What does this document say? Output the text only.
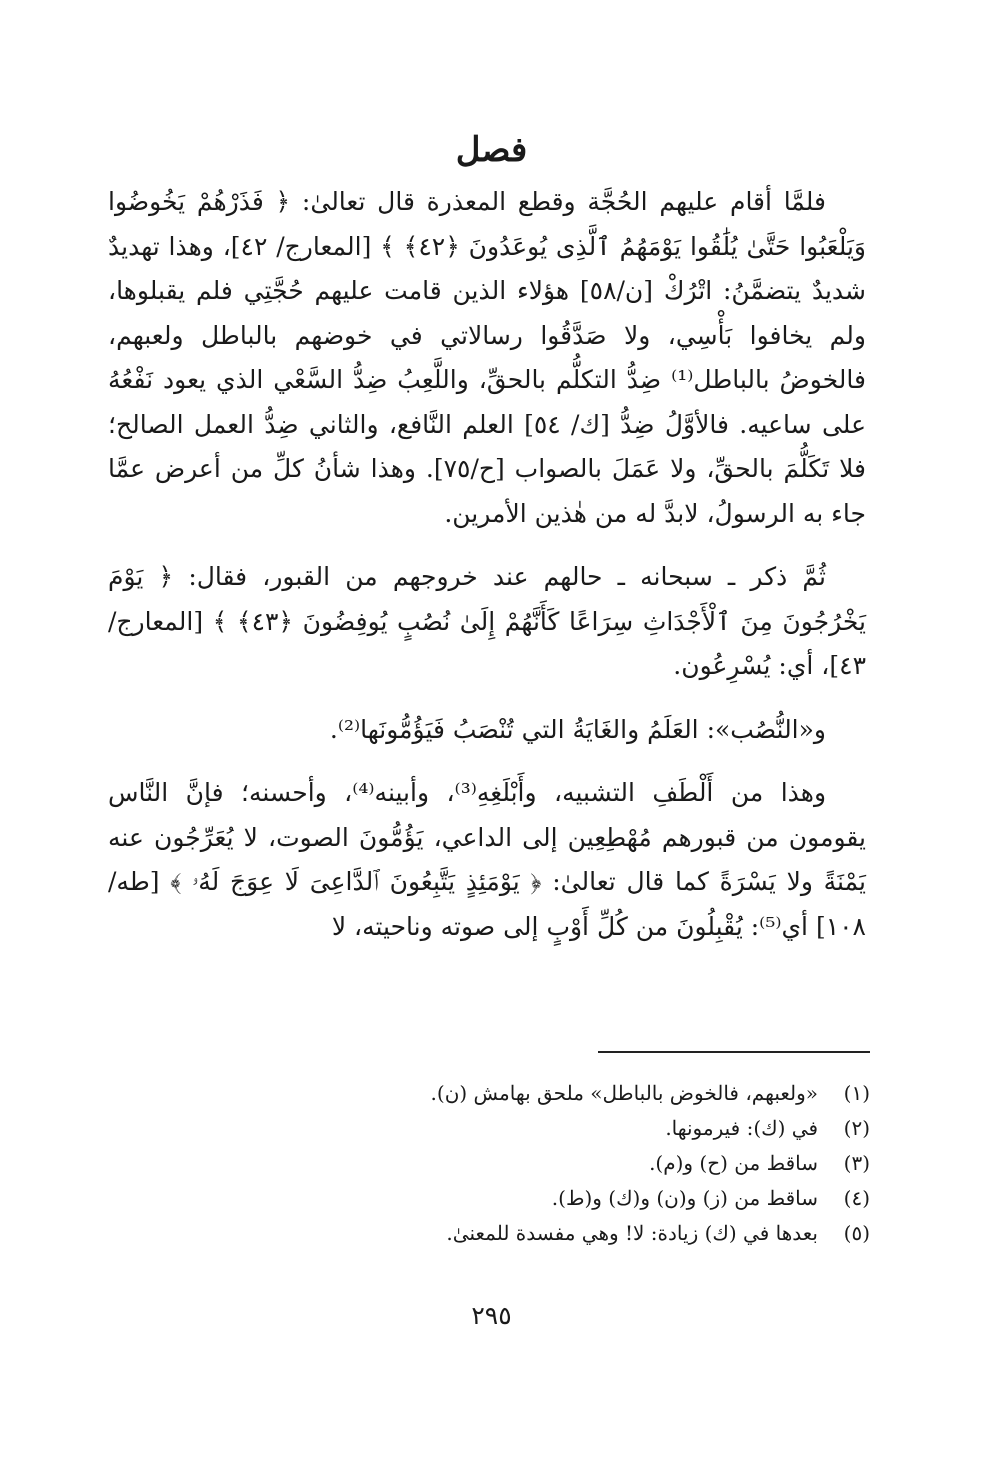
فصل

فلمَّا أقام عليهم الحُجَّة وقطع المعذرة قال تعالىٰ: ﴿ فَذَرْهُمْ يَخُوضُوا وَيَلْعَبُوا حَتَّىٰ يُلَٰقُوا يَوْمَهُمُ ٱلَّذِى يُوعَدُونَ ﴿٤٢﴾ ﴾ [المعارج/ ٤٢]، وهذا تهديدٌ شديدٌ يتضمَّنُ: اتْرُكْ [ن/٥٨] هؤلاء الذين قامت عليهم حُجَّتِي فلم يقبلوها، ولم يخافوا بَأْسِي، ولا صَدَّقُوا رسالاتي في خوضهم بالباطل ولعبهم، فالخوضُ بالباطل⁽¹⁾ ضِدُّ التكلُّم بالحقِّ، واللَّعِبُ ضِدُّ السَّعْي الذي يعود نَفْعُهُ على ساعيه. فالأوَّلُ ضِدُّ [ك/ ٥٤] العلم النَّافع، والثاني ضِدُّ العمل الصالح؛ فلا تَكَلُّمَ بالحقِّ، ولا عَمَلَ بالصواب [ح/٧٥]. وهذا شأنُ كلِّ من أعرض عمَّا جاء به الرسولُ، لابدَّ له من هٰذين الأمرين.

ثُمَّ ذكر ـ سبحانه ـ حالهم عند خروجهم من القبور، فقال: ﴿ يَوْمَ يَخْرُجُونَ مِنَ ٱلْأَجْدَاثِ سِرَاعًا كَأَنَّهُمْ إِلَىٰ نُصُبٍ يُوفِضُونَ ﴿٤٣﴾ ﴾ [المعارج/ ٤٣]، أي: يُسْرِعُون.

و«النُّصُب»: العَلَمُ والغَايَةُ التي تُنْصَبُ فَيَؤُمُّونَها⁽²⁾.

وهذا من أَلْطَفِ التشبيه، وأَبْلَغِهِ⁽³⁾، وأبينه⁽⁴⁾، وأحسنه؛ فإنَّ النَّاس يقومون من قبورهم مُهْطِعِين إلى الداعي، يَؤُمُّونَ الصوت، لا يُعَرِّجُون عنه يَمْنَةً ولا يَسْرَةً كما قال تعالىٰ: ﴿ يَوْمَئِذٍ يَتَّبِعُونَ ٱلدَّاعِىَ لَا عِوَجَ لَهُۥ ﴾ [طه/ ١٠٨] أي⁽⁵⁾: يُقْبِلُونَ من كُلِّ أَوْبٍ إلى صوته وناحيته، لا

(١)
«ولعبهم، فالخوض بالباطل» ملحق بهامش (ن).
(٢)
في (ك): فيرمونها.
(٣)
ساقط من (ح) و(م).
(٤)
ساقط من (ز) و(ن) و(ك) و(ط).
(٥)
بعدها في (ك) زيادة: لا! وهي مفسدة للمعنىٰ.
٢٩٥
